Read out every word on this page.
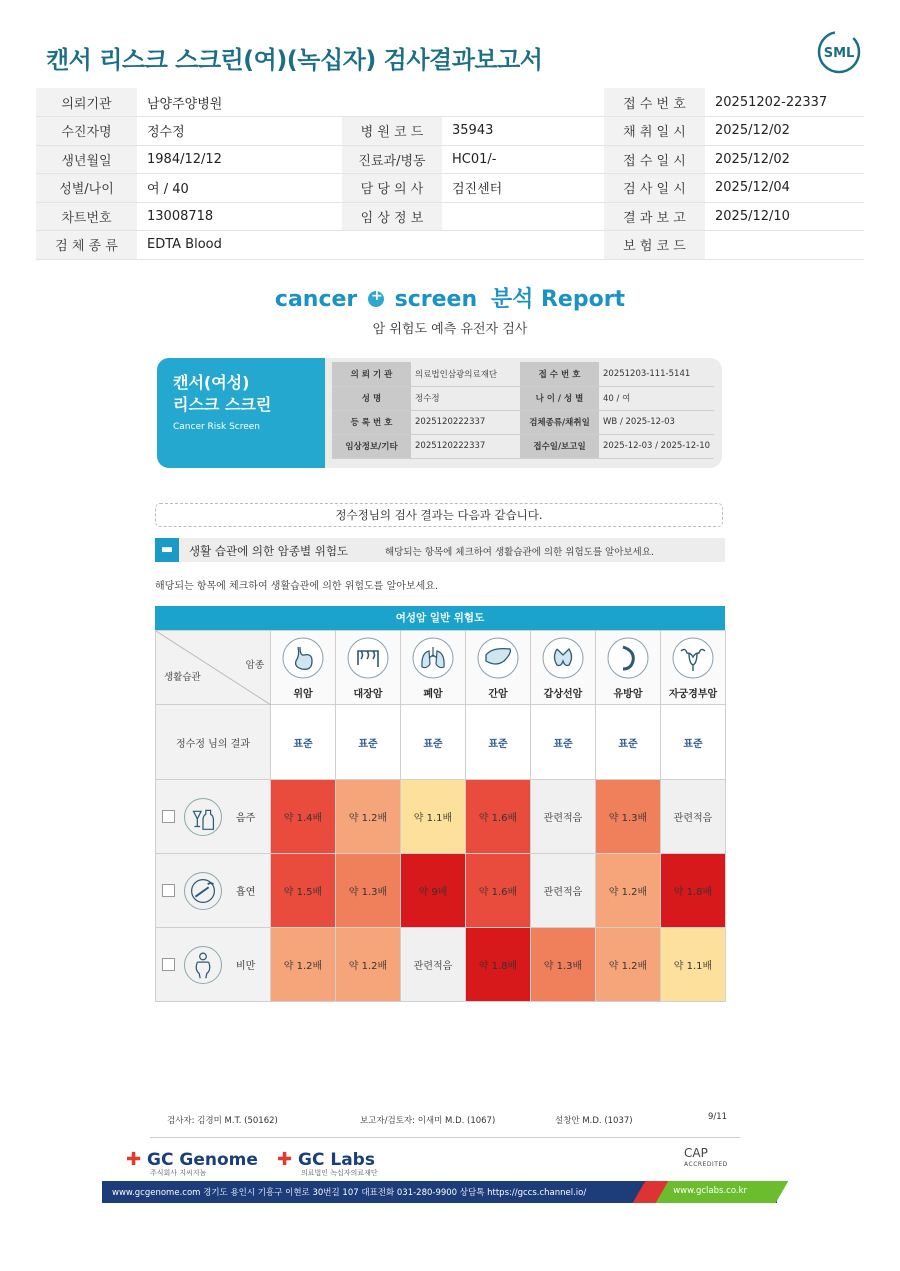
캔서 리스크 스크린(여)(녹십자) 검사결과보고서	SML
의뢰기관	남양주양병원			접 수 번 호	20251202-22337
수진자명	정수정	병 원 코 드	35943	채 취 일 시	2025/12/02
생년월일	1984/12/12	진료과/병동	HC01/-	접 수 일 시	2025/12/02
성별/나이	여 / 40	담 당 의 사	검진센터	검 사 일 시	2025/12/04
차트번호	13008718	임 상 정 보		결 과 보 고	2025/12/10
검 체 종 류	EDTA Blood			보 험 코 드	
cancer + screen 분석 Report
암 위험도 예측 유전자 검사
캔서(여성)
리스크 스크린
Cancer Risk Screen
의 뢰 기 관	의료법인삼광의료재단	접 수 번 호	20251203-111-5141
성 명	정수정	나 이 / 성 별	40 / 여
등 록 번 호	2025120222337	검체종류/채취일	WB / 2025-12-03
임상정보/기타	2025120222337	접수일/보고일	2025-12-03 / 2025-12-10
정수정님의 검사 결과는 다음과 같습니다.
▬	생활 습관에 의한 암종별 위험도	해당되는 항목에 체크하여 생활습관에 의한 위험도를 알아보세요.
해당되는 항목에 체크하여 생활습관에 의한 위험도를 알아보세요.
여성암 일반 위험도
암종
생활습관	위암	대장암	폐암	간암	갑상선암	유방암	자궁경부암

정수정 님의 결과	표준	표준	표준	표준	표준	표준	표준

음주	약 1.4배	약 1.2배	약 1.1배	약 1.6배	관련적음	약 1.3배	관련적음

흡연	약 1.5배	약 1.3배	약 9배	약 1.6배	관련적음	약 1.2배	약 1.8배

비만	약 1.2배	약 1.2배	관련적음	약 1.8배	약 1.3배	약 1.2배	약 1.1배
검사자: 김경미 M.T. (50162)	보고자/검토자: 이새미 M.D. (1067)	설창안 M.D. (1037)	9/11
✚ GC Genome
주식회사 지씨지놈
✚ GC Labs
의료법인 녹십자의료재단
CAP
ACCREDITED
www.gcgenome.com 경기도 용인시 기흥구 이현로 30번길 107 대표전화 031-280-9900 상담톡 https://gccs.channel.io/	www.gclabs.co.kr
